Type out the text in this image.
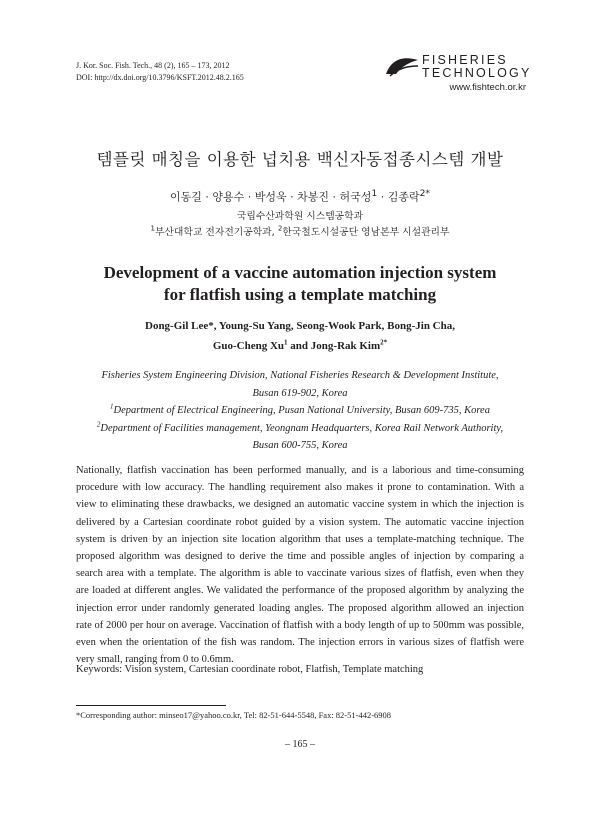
J. Kor. Soc. Fish. Tech., 48 (2), 165 – 173, 2012
DOI: http://dx.doi.org/10.3796/KSFT.2012.48.2.165
FISHERIES
TECHNOLOGY
www.fishtech.or.kr
템플릿 매칭을 이용한 넙치용 백신자동접종시스템 개발
이동길 · 양용수 · 박성욱 · 차봉진 · 허국성$^1$ · 김종락$^{2*}$
국립수산과학원 시스템공학과
$^1$부산대학교 전자전기공학과, $^2$한국철도시설공단 영남본부 시설관리부
Development of a vaccine automation injection system
for flatfish using a template matching
Dong-Gil Lee*, Young-Su Yang, Seong-Wook Park, Bong-Jin Cha,
Guo-Cheng Xu$^1$ and Jong-Rak Kim$^{2*}$
Fisheries System Engineering Division, National Fisheries Research & Development Institute,
Busan 619-902, Korea
$^1$Department of Electrical Engineering, Pusan National University, Busan 609-735, Korea
$^2$Department of Facilities management, Yeongnam Headquarters, Korea Rail Network Authority,
Busan 600-755, Korea
Nationally, flatfish vaccination has been performed manually, and is a laborious and time-consuming procedure with low accuracy. The handling requirement also makes it prone to contamination. With a view to eliminating these drawbacks, we designed an automatic vaccine system in which the injection is delivered by a Cartesian coordinate robot guided by a vision system. The automatic vaccine injection system is driven by an injection site location algorithm that uses a template-matching technique. The proposed algorithm was designed to derive the time and possible angles of injection by comparing a search area with a template. The algorithm is able to vaccinate various sizes of flatfish, even when they are loaded at different angles. We validated the performance of the proposed algorithm by analyzing the injection error under randomly generated loading angles. The proposed algorithm allowed an injection rate of 2000 per hour on average. Vaccination of flatfish with a body length of up to 500mm was possible, even when the orientation of the fish was random. The injection errors in various sizes of flatfish were very small, ranging from 0 to 0.6mm.
Keywords: Vision system, Cartesian coordinate robot, Flatfish, Template matching
*Corresponding author: minseo17@yahoo.co.kr, Tel: 82-51-644-5548, Fax: 82-51-442-6908
– 165 –
